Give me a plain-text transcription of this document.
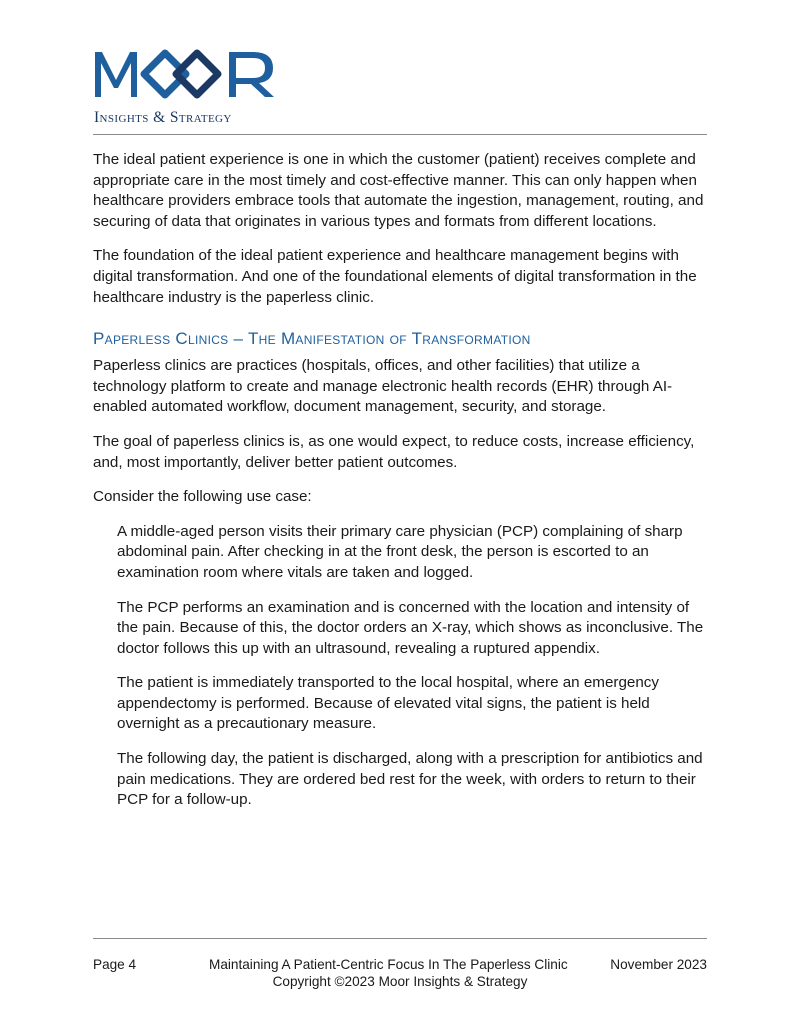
Insights & Strategy

The ideal patient experience is one in which the customer (patient) receives complete and appropriate care in the most timely and cost-effective manner. This can only happen when healthcare providers embrace tools that automate the ingestion, management, routing, and securing of data that originates in various types and formats from different locations.

The foundation of the ideal patient experience and healthcare management begins with digital transformation. And one of the foundational elements of digital transformation in the healthcare industry is the paperless clinic.

Paperless Clinics – The Manifestation of Transformation

Paperless clinics are practices (hospitals, offices, and other facilities) that utilize a technology platform to create and manage electronic health records (EHR) through AI-enabled automated workflow, document management, security, and storage.

The goal of paperless clinics is, as one would expect, to reduce costs, increase efficiency, and, most importantly, deliver better patient outcomes.

Consider the following use case:

A middle-aged person visits their primary care physician (PCP) complaining of sharp abdominal pain. After checking in at the front desk, the person is escorted to an examination room where vitals are taken and logged.

The PCP performs an examination and is concerned with the location and intensity of the pain. Because of this, the doctor orders an X-ray, which shows as inconclusive. The doctor follows this up with an ultrasound, revealing a ruptured appendix.

The patient is immediately transported to the local hospital, where an emergency appendectomy is performed. Because of elevated vital signs, the patient is held overnight as a precautionary measure.

The following day, the patient is discharged, along with a prescription for antibiotics and pain medications. They are ordered bed rest for the week, with orders to return to their PCP for a follow-up.

Page 4	Maintaining A Patient-Centric Focus In The Paperless Clinic	November 2023
Copyright ©2023 Moor Insights & Strategy
